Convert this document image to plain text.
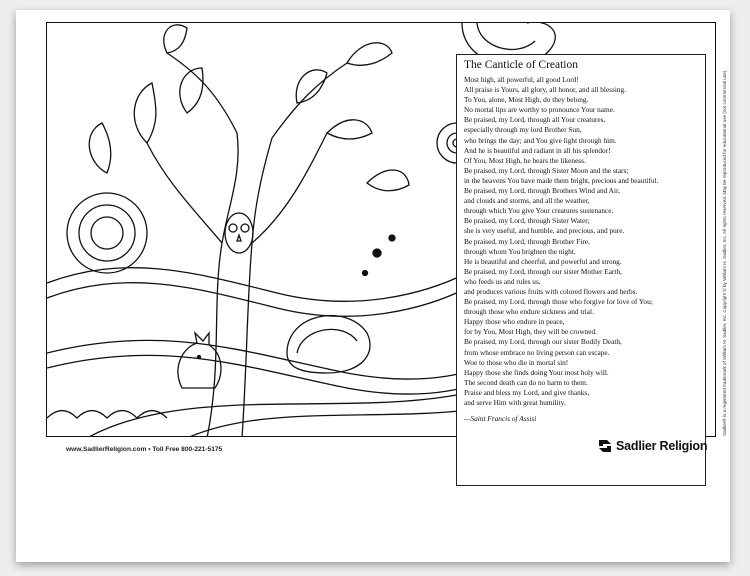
The Canticle of Creation
Most high, all powerful, all good Lord!
All praise is Yours, all glory, all honor, and all blessing.
To You, alone, Most High, do they belong.
No mortal lips are worthy to pronounce Your name.
Be praised, my Lord, through all Your creatures,
especially through my lord Brother Sun,
who brings the day; and You give light through him.
And he is beautiful and radiant in all his splendor!
Of You, Most High, he bears the likeness.
Be praised, my Lord, through Sister Moon and the stars;
in the heavens You have made them bright, precious and beautiful.
Be praised, my Lord, through Brothers Wind and Air,
and clouds and storms, and all the weather,
through which You give Your creatures sustenance.
Be praised, my Lord, through Sister Water;
she is very useful, and humble, and precious, and pure.
Be praised, my Lord, through Brother Fire,
through whom You brighten the night.
He is beautiful and cheerful, and powerful and strong.
Be praised, my Lord, through our sister Mother Earth,
who feeds us and rules us,
and produces various fruits with colored flowers and herbs.
Be praised, my Lord, through those who forgive for love of You;
through those who endure sickness and trial.
Happy those who endure in peace,
for by You, Most High, they will be crowned.
Be praised, my Lord, through our sister Bodily Death,
from whose embrace no living person can escape.
Woe to those who die in mortal sin!
Happy those she finds doing Your most holy will.
The second death can do no harm to them.
Praise and bless my Lord, and give thanks,
and serve Him with great humility.
—Saint Francis of Assisi
www.SadlierReligion.com • Toll Free 800-221-5175	Sadlier Religion
Sadlier® is a registered trademark of William H. Sadlier, Inc. Copyright © by William H. Sadlier, Inc. All rights reserved. May be reproduced for educational use (not commercial use).
